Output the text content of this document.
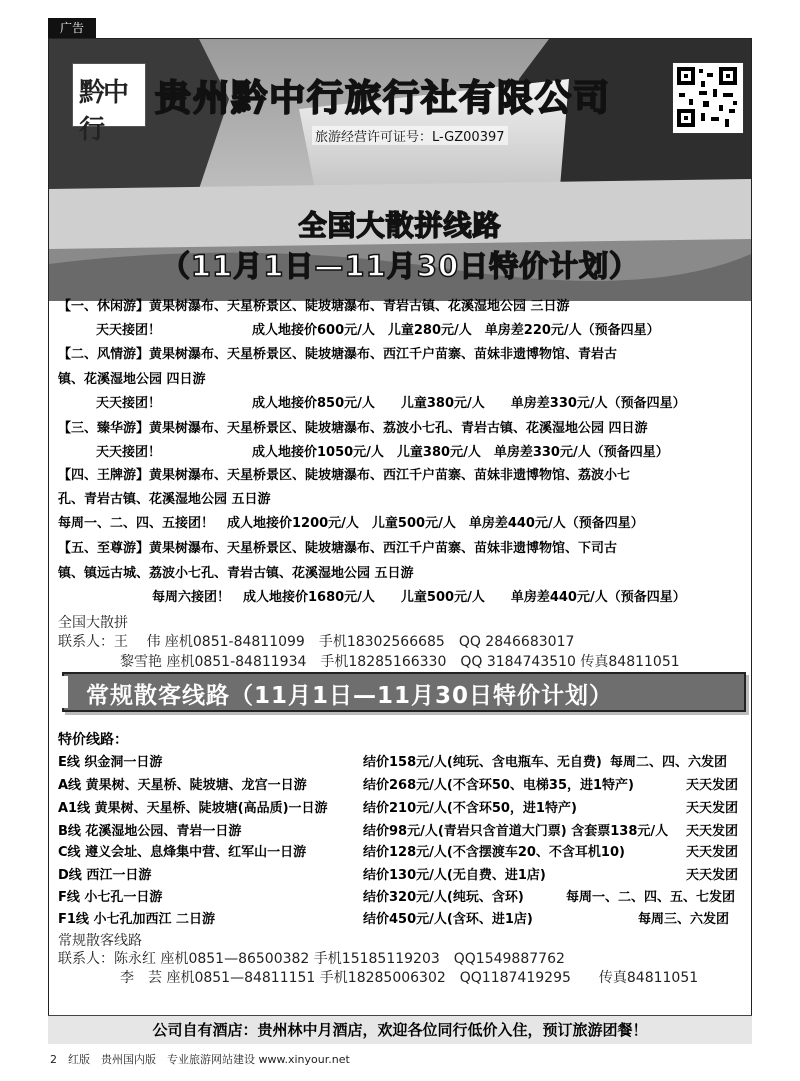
广告
黔中行
贵州黔中行旅行社有限公司
旅游经营许可证号：L-GZ00397
全国大散拼线路
（11月1日—11月30日特价计划）
【一、休闲游】黄果树瀑布、天星桥景区、陡坡塘瀑布、青岩古镇、花溪湿地公园 三日游
天天接团！　　　　　　　成人地接价600元/人　儿童280元/人　单房差220元/人（预备四星）
【二、风情游】黄果树瀑布、天星桥景区、陡坡塘瀑布、西江千户苗寨、苗妹非遗博物馆、青岩古
镇、花溪湿地公园 四日游
天天接团！　　　　　　　成人地接价850元/人　　儿童380元/人　　单房差330元/人（预备四星）
【三、臻华游】黄果树瀑布、天星桥景区、陡坡塘瀑布、荔波小七孔、青岩古镇、花溪湿地公园 四日游
天天接团！　　　　　　　成人地接价1050元/人　儿童380元/人　单房差330元/人（预备四星）
【四、王牌游】黄果树瀑布、天星桥景区、陡坡塘瀑布、西江千户苗寨、苗妹非遗博物馆、荔波小七
孔、青岩古镇、花溪湿地公园 五日游
每周一、二、四、五接团！　成人地接价1200元/人　儿童500元/人　单房差440元/人（预备四星）
【五、至尊游】黄果树瀑布、天星桥景区、陡坡塘瀑布、西江千户苗寨、苗妹非遗博物馆、下司古
镇、镇远古城、荔波小七孔、青岩古镇、花溪湿地公园 五日游
每周六接团！　成人地接价1680元/人　　儿童500元/人　　单房差440元/人（预备四星）
全国大散拼
联系人：王　 伟 座机0851-84811099　手机18302566685　QQ 2846683017
黎雪艳 座机0851-84811934　手机18285166330　QQ 3184743510 传真84811051
常规散客线路（11月1日—11月30日特价计划）
特价线路：
E线 织金洞一日游	结价158元/人(纯玩、含电瓶车、无自费) 每周二、四、六发团
A线 黄果树、天星桥、陡坡塘、龙宫一日游	结价268元/人(不含环50、电梯35，进1特产)	天天发团
A1线 黄果树、天星桥、陡坡塘(高品质)一日游	结价210元/人(不含环50，进1特产)	天天发团
B线 花溪湿地公园、青岩一日游	结价98元/人(青岩只含首道大门票) 含套票138元/人 天天发团
C线 遵义会址、息烽集中营、红军山一日游	结价128元/人(不含摆渡车20、不含耳机10)	天天发团
D线 西江一日游	结价130元/人(无自费、进1店)	天天发团
F线 小七孔一日游	结价320元/人(纯玩、含环)	每周一、二、四、五、七发团
F1线 小七孔加西江 二日游	结价450元/人(含环、进1店)	每周三、六发团
常规散客线路
联系人：陈永红 座机0851—86500382 手机15185119203　QQ1549887762
李　芸 座机0851—84811151 手机18285006302　QQ1187419295　　传真84811051
公司自有酒店：贵州林中月酒店，欢迎各位同行低价入住，预订旅游团餐！
2　红版　贵州国内版　专业旅游网站建设 www.xinyour.net
